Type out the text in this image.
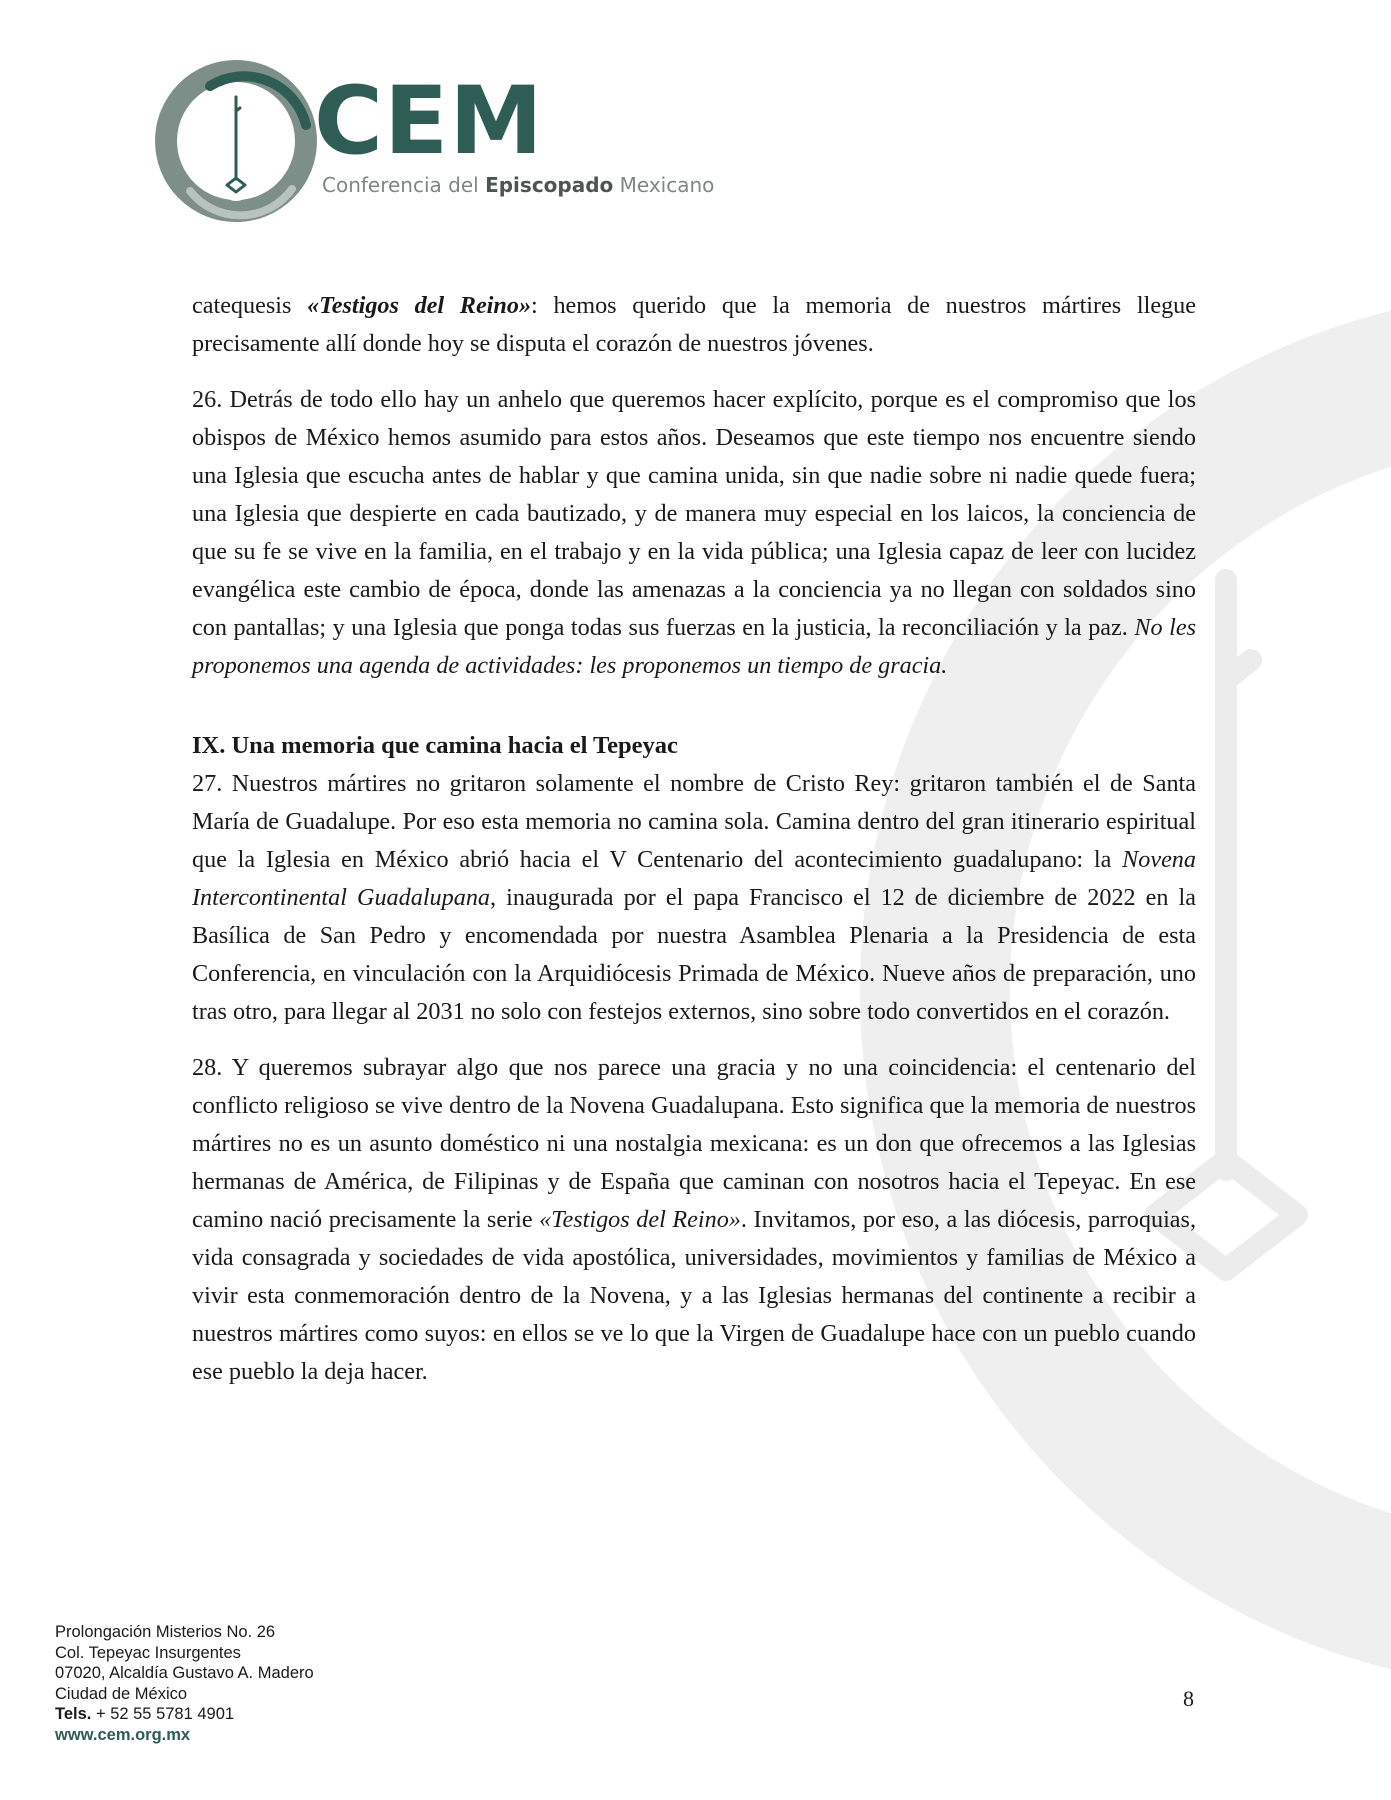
CEM
Conferencia del Episcopado Mexicano

catequesis «Testigos del Reino»: hemos querido que la memoria de nuestros mártires llegue precisamente allí donde hoy se disputa el corazón de nuestros jóvenes.

26. Detrás de todo ello hay un anhelo que queremos hacer explícito, porque es el compromiso que los obispos de México hemos asumido para estos años. Deseamos que este tiempo nos encuentre siendo una Iglesia que escucha antes de hablar y que camina unida, sin que nadie sobre ni nadie quede fuera; una Iglesia que despierte en cada bautizado, y de manera muy especial en los laicos, la conciencia de que su fe se vive en la familia, en el trabajo y en la vida pública; una Iglesia capaz de leer con lucidez evangélica este cambio de época, donde las amenazas a la conciencia ya no llegan con soldados sino con pantallas; y una Iglesia que ponga todas sus fuerzas en la justicia, la reconciliación y la paz. No les proponemos una agenda de actividades: les proponemos un tiempo de gracia.

IX. Una memoria que camina hacia el Tepeyac

27. Nuestros mártires no gritaron solamente el nombre de Cristo Rey: gritaron también el de Santa María de Guadalupe. Por eso esta memoria no camina sola. Camina dentro del gran itinerario espiritual que la Iglesia en México abrió hacia el V Centenario del acontecimiento guadalupano: la Novena Intercontinental Guadalupana, inaugurada por el papa Francisco el 12 de diciembre de 2022 en la Basílica de San Pedro y encomendada por nuestra Asamblea Plenaria a la Presidencia de esta Conferencia, en vinculación con la Arquidiócesis Primada de México. Nueve años de preparación, uno tras otro, para llegar al 2031 no solo con festejos externos, sino sobre todo convertidos en el corazón.

28. Y queremos subrayar algo que nos parece una gracia y no una coincidencia: el centenario del conflicto religioso se vive dentro de la Novena Guadalupana. Esto significa que la memoria de nuestros mártires no es un asunto doméstico ni una nostalgia mexicana: es un don que ofrecemos a las Iglesias hermanas de América, de Filipinas y de España que caminan con nosotros hacia el Tepeyac. En ese camino nació precisamente la serie «Testigos del Reino». Invitamos, por eso, a las diócesis, parroquias, vida consagrada y sociedades de vida apostólica, universidades, movimientos y familias de México a vivir esta conmemoración dentro de la Novena, y a las Iglesias hermanas del continente a recibir a nuestros mártires como suyos: en ellos se ve lo que la Virgen de Guadalupe hace con un pueblo cuando ese pueblo la deja hacer.

Prolongación Misterios No. 26
Col. Tepeyac Insurgentes
07020, Alcaldía Gustavo A. Madero
Ciudad de México
Tels. + 52 55 5781 4901
www.cem.org.mx
8
